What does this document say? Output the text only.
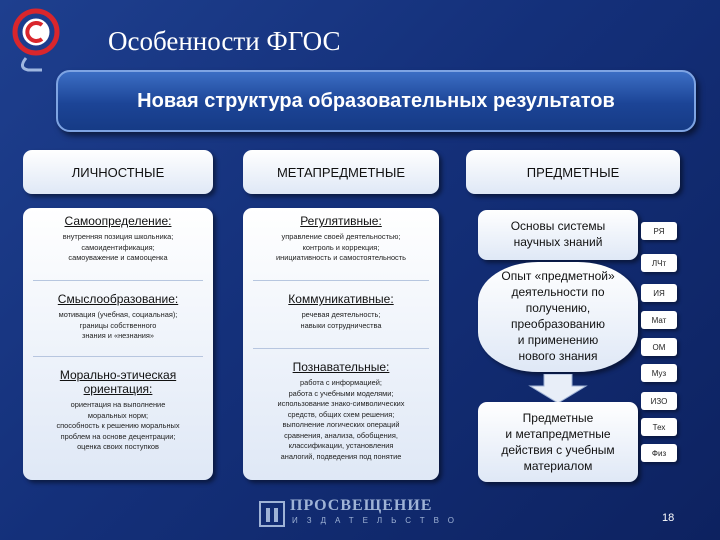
Особенности ФГОС
Новая структура образовательных результатов
ЛИЧНОСТНЫЕ	МЕТАПРЕДМЕТНЫЕ	ПРЕДМЕТНЫЕ
Самоопределение:
внутренняя позиция школьника;
самоидентификация;
самоуважение и самооценка
Смыслообразование:
мотивация (учебная, социальная);
границы собственного
знания и «незнания»
Морально-этическая
ориентация:
ориентация на выполнение
моральных норм;
способность к решению моральных
проблем на основе децентрации;
оценка своих поступков
Регулятивные:
управление своей деятельностью;
контроль и коррекция;
инициативность и самостоятельность
Коммуникативные:
речевая деятельность;
навыки сотрудничества
Познавательные:
работа с информацией;
работа с учебными моделями;
использование знако-символических
средств, общих схем решения;
выполнение логических операций
сравнения, анализа, обобщения,
классификации, установления
аналогий, подведения под понятие
Основы системы
научных знаний
Опыт «предметной»
деятельности по
получению,
преобразованию
и применению
нового знания
Предметные
и метапредметные
действия с учебным
материалом
РЯ
ЛЧт
ИЯ
Мат
ОМ
Муз
ИЗО
Тех
Физ
ПРОСВЕЩЕНИЕ
ИЗДАТЕЛЬСТВО	18
